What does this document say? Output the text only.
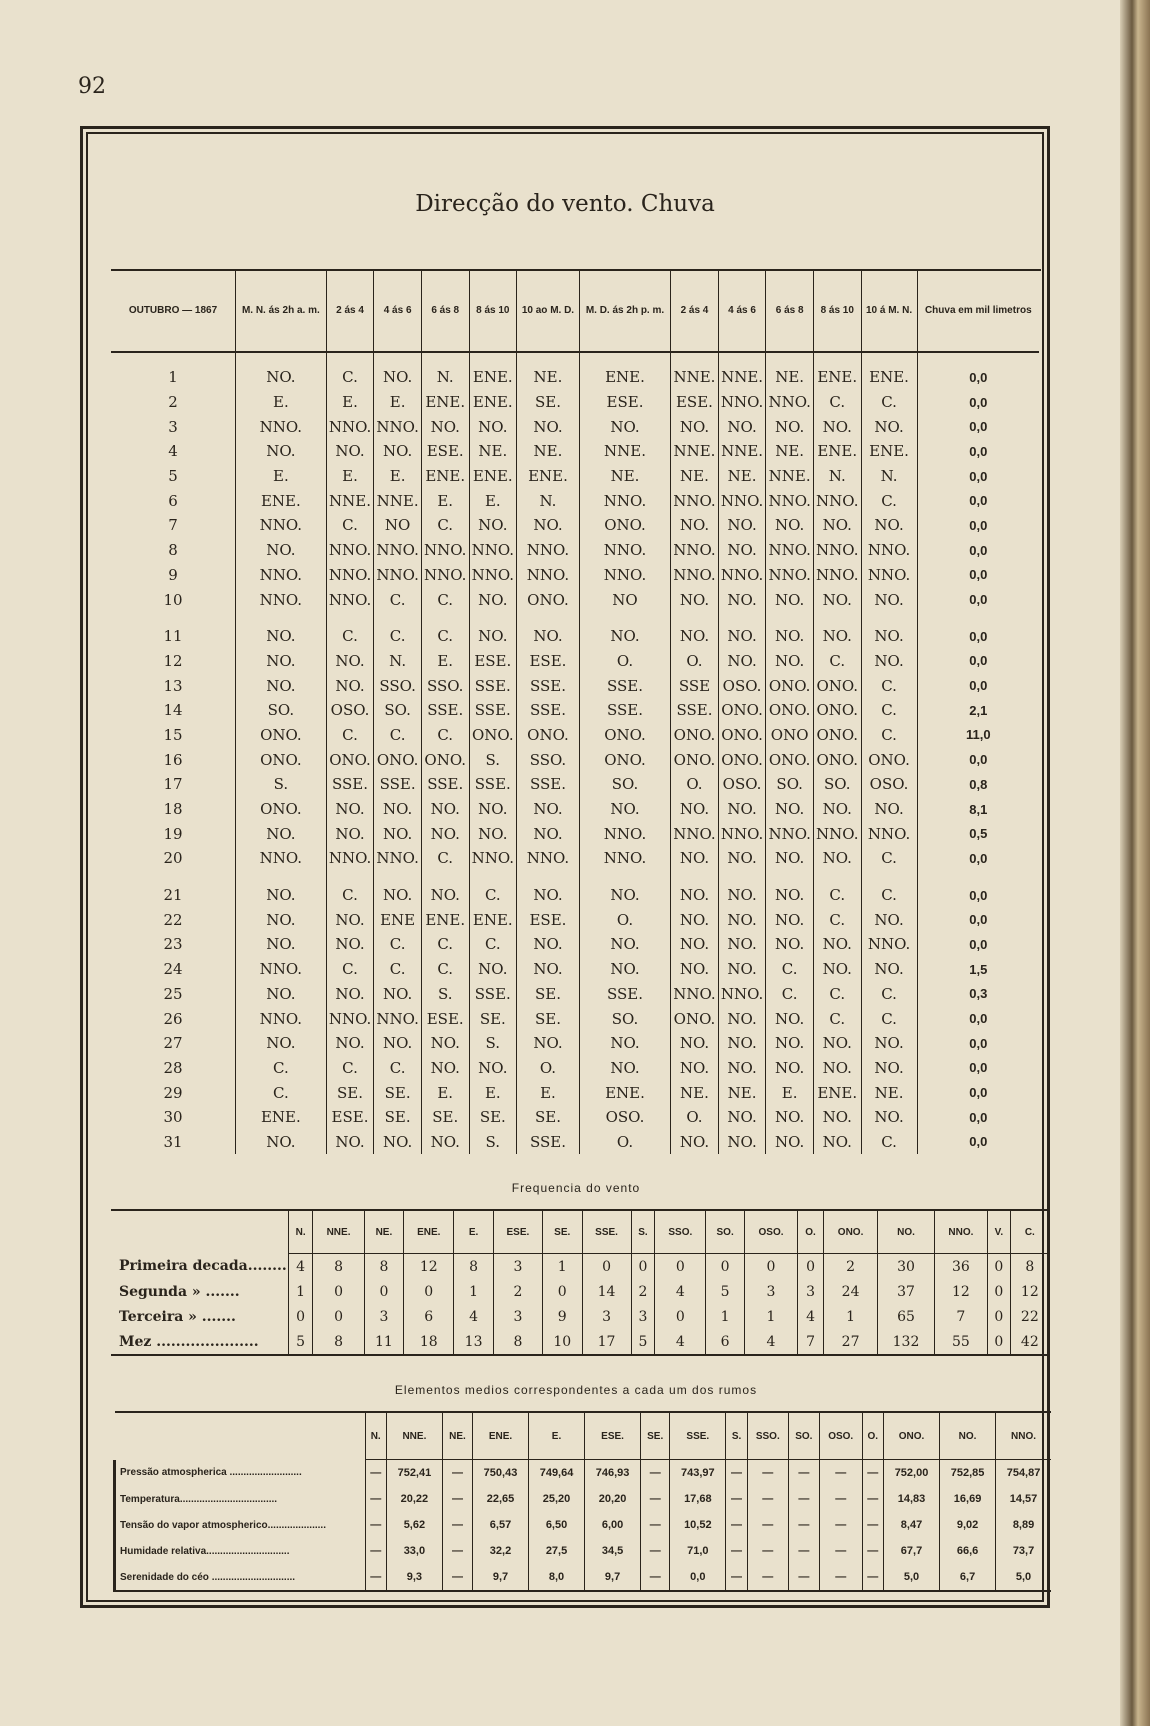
92
Direcção do vento. Chuva
OUTUBRO — 1867	M. N. ás 2h a. m.	2 ás 4	4 ás 6	6 ás 8	8 ás 10	10 ao M. D.	M. D. ás 2h p. m.	2 ás 4	4 ás 6	6 ás 8	8 ás 10	10 á M. N.	Chuva em mil limetros
1	NO.	C.	NO.	N.	ENE.	NE.	ENE.	NNE.	NNE.	NE.	ENE.	ENE.	0,0
2	E.	E.	E.	ENE.	ENE.	SE.	ESE.	ESE.	NNO.	NNO.	C.	C.	0,0
3	NNO.	NNO.	NNO.	NO.	NO.	NO.	NO.	NO.	NO.	NO.	NO.	NO.	0,0
4	NO.	NO.	NO.	ESE.	NE.	NE.	NNE.	NNE.	NNE.	NE.	ENE.	ENE.	0,0
5	E.	E.	E.	ENE.	ENE.	ENE.	NE.	NE.	NE.	NNE.	N.	N.	0,0
6	ENE.	NNE.	NNE.	E.	E.	N.	NNO.	NNO.	NNO.	NNO.	NNO.	C.	0,0
7	NNO.	C.	NO	C.	NO.	NO.	ONO.	NO.	NO.	NO.	NO.	NO.	0,0
8	NO.	NNO.	NNO.	NNO.	NNO.	NNO.	NNO.	NNO.	NO.	NNO.	NNO.	NNO.	0,0
9	NNO.	NNO.	NNO.	NNO.	NNO.	NNO.	NNO.	NNO.	NNO.	NNO.	NNO.	NNO.	0,0
10	NNO.	NNO.	C.	C.	NO.	ONO.	NO	NO.	NO.	NO.	NO.	NO.	0,0
11	NO.	C.	C.	C.	NO.	NO.	NO.	NO.	NO.	NO.	NO.	NO.	0,0
12	NO.	NO.	N.	E.	ESE.	ESE.	O.	O.	NO.	NO.	C.	NO.	0,0
13	NO.	NO.	SSO.	SSO.	SSE.	SSE.	SSE.	SSE	OSO.	ONO.	ONO.	C.	0,0
14	SO.	OSO.	SO.	SSE.	SSE.	SSE.	SSE.	SSE.	ONO.	ONO.	ONO.	C.	2,1
15	ONO.	C.	C.	C.	ONO.	ONO.	ONO.	ONO.	ONO.	ONO	ONO.	C.	11,0
16	ONO.	ONO.	ONO.	ONO.	S.	SSO.	ONO.	ONO.	ONO.	ONO.	ONO.	ONO.	0,0
17	S.	SSE.	SSE.	SSE.	SSE.	SSE.	SO.	O.	OSO.	SO.	SO.	OSO.	0,8
18	ONO.	NO.	NO.	NO.	NO.	NO.	NO.	NO.	NO.	NO.	NO.	NO.	8,1
19	NO.	NO.	NO.	NO.	NO.	NO.	NNO.	NNO.	NNO.	NNO.	NNO.	NNO.	0,5
20	NNO.	NNO.	NNO.	C.	NNO.	NNO.	NNO.	NO.	NO.	NO.	NO.	C.	0,0
21	NO.	C.	NO.	NO.	C.	NO.	NO.	NO.	NO.	NO.	C.	C.	0,0
22	NO.	NO.	ENE	ENE.	ENE.	ESE.	O.	NO.	NO.	NO.	C.	NO.	0,0
23	NO.	NO.	C.	C.	C.	NO.	NO.	NO.	NO.	NO.	NO.	NNO.	0,0
24	NNO.	C.	C.	C.	NO.	NO.	NO.	NO.	NO.	C.	NO.	NO.	1,5
25	NO.	NO.	NO.	S.	SSE.	SE.	SSE.	NNO.	NNO.	C.	C.	C.	0,3
26	NNO.	NNO.	NNO.	ESE.	SE.	SE.	SO.	ONO.	NO.	NO.	C.	C.	0,0
27	NO.	NO.	NO.	NO.	S.	NO.	NO.	NO.	NO.	NO.	NO.	NO.	0,0
28	C.	C.	C.	NO.	NO.	O.	NO.	NO.	NO.	NO.	NO.	NO.	0,0
29	C.	SE.	SE.	E.	E.	E.	ENE.	NE.	NE.	E.	ENE.	NE.	0,0
30	ENE.	ESE.	SE.	SE.	SE.	SE.	OSO.	O.	NO.	NO.	NO.	NO.	0,0
31	NO.	NO.	NO.	NO.	S.	SSE.	O.	NO.	NO.	NO.	NO.	C.	0,0
Frequencia do vento
	N.	NNE.	NE.	ENE.	E.	ESE.	SE.	SSE.	S.	SSO.	SO.	OSO.	O.	ONO.	NO.	NNO.	V.	C.
Primeira decada........	4	8	8	12	8	3	1	0	0	0	0	0	0	2	30	36	0	8
Segunda » .......	1	0	0	0	1	2	0	14	2	4	5	3	3	24	37	12	0	12
Terceira » .......	0	0	3	6	4	3	9	3	3	0	1	1	4	1	65	7	0	22
Mez .....................	5	8	11	18	13	8	10	17	5	4	6	4	7	27	132	55	0	42
Elementos medios correspondentes a cada um dos rumos
	N.	NNE.	NE.	ENE.	E.	ESE.	SE.	SSE.	S.	SSO.	SO.	OSO.	O.	ONO.	NO.	NNO.
Pressão atmospherica ..........................	—	752,41	—	750,43	749,64	746,93	—	743,97	—	—	—	—	—	752,00	752,85	754,87
Temperatura...................................	—	20,22	—	22,65	25,20	20,20	—	17,68	—	—	—	—	—	14,83	16,69	14,57
Tensão do vapor atmospherico.....................	—	5,62	—	6,57	6,50	6,00	—	10,52	—	—	—	—	—	8,47	9,02	8,89
Humidade relativa..............................	—	33,0	—	32,2	27,5	34,5	—	71,0	—	—	—	—	—	67,7	66,6	73,7
Serenidade do céo ..............................	—	9,3	—	9,7	8,0	9,7	—	0,0	—	—	—	—	—	5,0	6,7	5,0
